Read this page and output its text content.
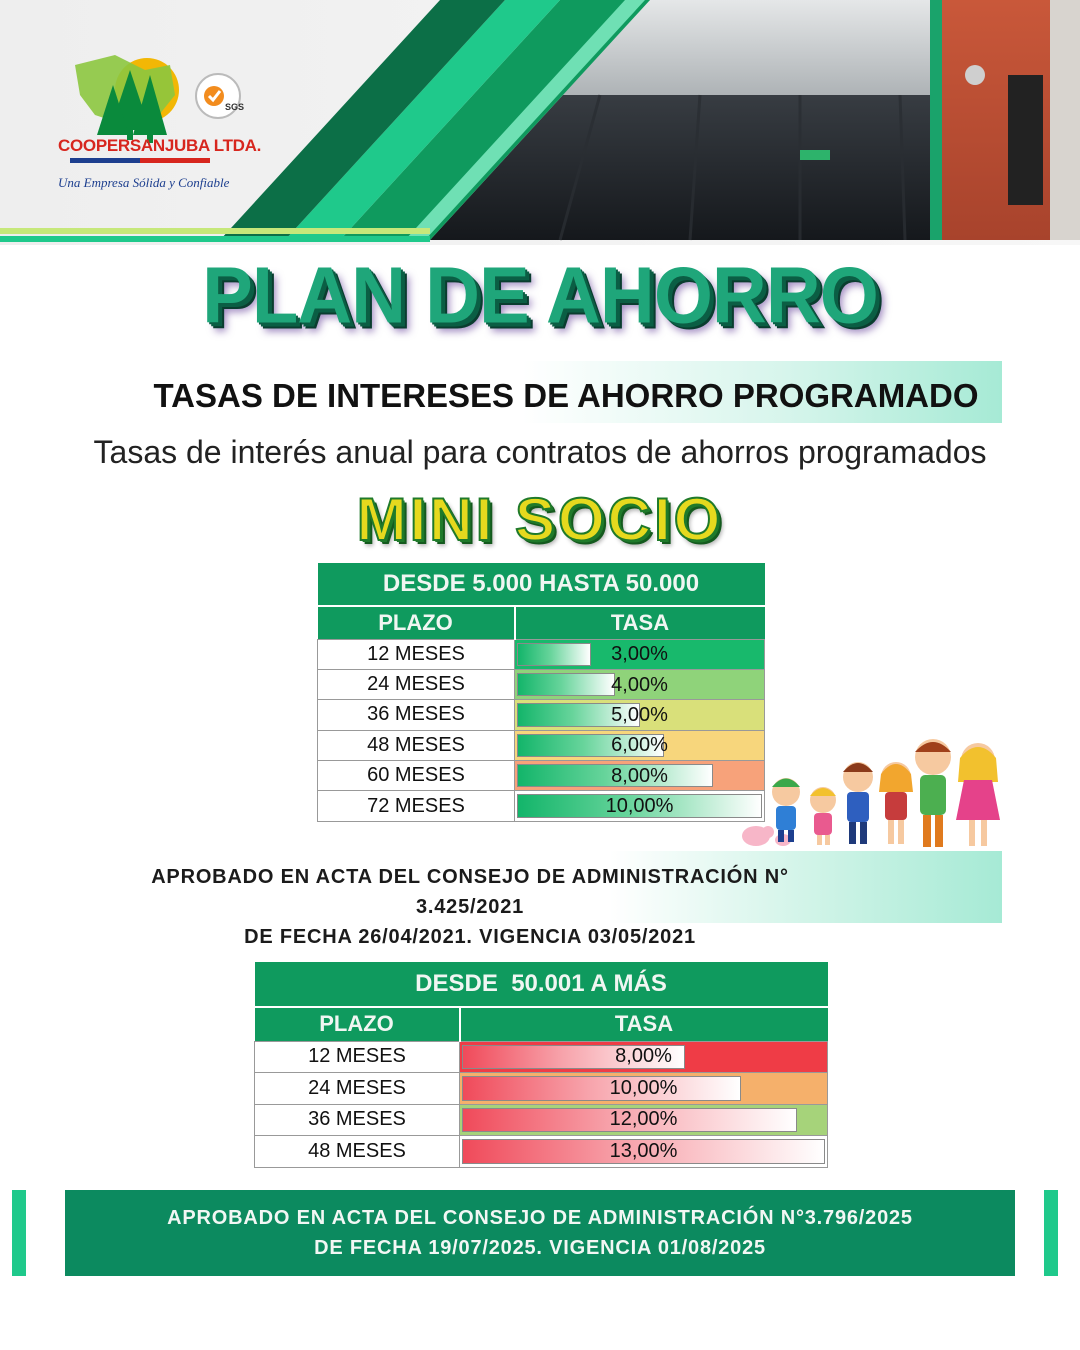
COOPERSANJUBA LTDA.
Una Empresa Sólida y Confiable
SGS
PLAN DE AHORRO
TASAS DE INTERESES DE AHORRO PROGRAMADO
Tasas de interés anual para contratos de ahorros programados
MINI SOCIO
DESDE 5.000 HASTA 50.000	
PLAZO	TASA
12 MESES	3,00%

24 MESES	4,00%

36 MESES	5,00%

48 MESES	6,00%

60 MESES	8,00%

72 MESES	10,00%
APROBADO EN ACTA DEL CONSEJO DE ADMINISTRACIÓN N° 3.425/2021
DE FECHA 26/04/2021. VIGENCIA 03/05/2021
DESDE  50.001 A MÁS	
PLAZO	TASA
12 MESES	8,00%

24 MESES	10,00%

36 MESES	12,00%

48 MESES	13,00%
APROBADO EN ACTA DEL CONSEJO DE ADMINISTRACIÓN N°3.796/2025
DE FECHA 19/07/2025. VIGENCIA 01/08/2025
